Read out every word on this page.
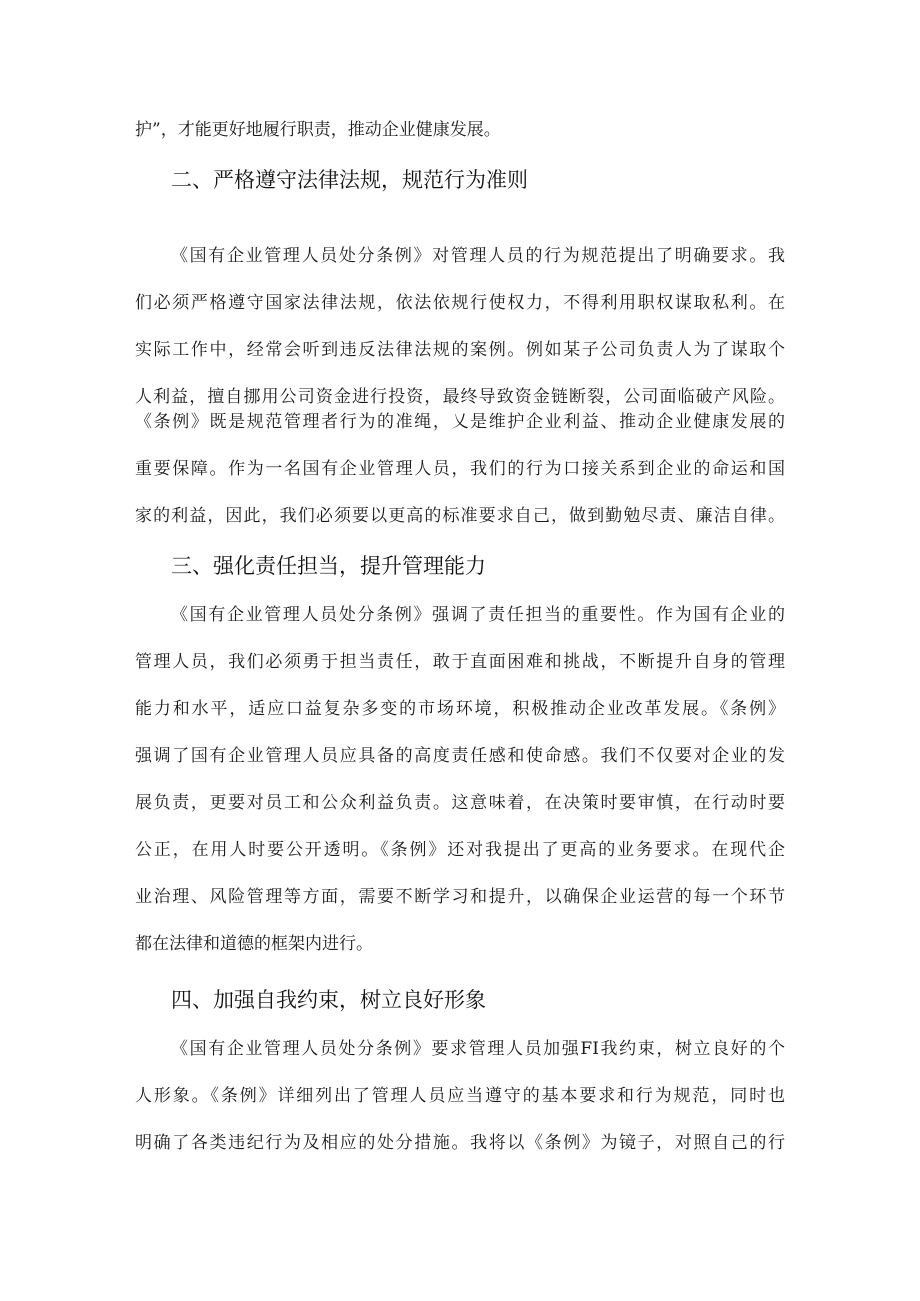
护”，才能更好地履行职责，推动企业健康发展。
二、严格遵守法律法规，规范行为准则
《国有企业管理人员处分条例》对管理人员的行为规范提出了明确要求。我
们必须严格遵守国家法律法规，依法依规行使权力，不得利用职权谋取私利。在
实际工作中，经常会听到违反法律法规的案例。例如某子公司负责人为了谋取个
人利益，擅自挪用公司资金进行投资，最终导致资金链断裂，公司面临破产风险。
《条例》既是规范管理者行为的准绳，乂是维护企业利益、推动企业健康发展的
重要保障。作为一名国有企业管理人员，我们的行为口接关系到企业的命运和国
家的利益，因此，我们必须要以更高的标准要求自己，做到勤勉尽责、廉洁自律。
三、强化责任担当，提升管理能力
《国有企业管理人员处分条例》强调了责任担当的重要性。作为国有企业的
管理人员，我们必须勇于担当责任，敢于直面困难和挑战，不断提升自身的管理
能力和水平，适应口益复杂多变的市场环境，积极推动企业改革发展。《条例》
强调了国有企业管理人员应具备的高度责任感和使命感。我们不仅要对企业的发
展负责，更要对员工和公众利益负责。这意味着，在决策时要审慎，在行动时要
公正，在用人时要公开透明。《条例》还对我提出了更高的业务要求。在现代企
业治理、风险管理等方面，需要不断学习和提升，以确保企业运营的每一个环节
都在法律和道德的框架内进行。
四、加强自我约束，树立良好形象
《国有企业管理人员处分条例》要求管理人员加强FI我约束，树立良好的个
人形象。《条例》详细列出了管理人员应当遵守的基本要求和行为规范，同时也
明确了各类违纪行为及相应的处分措施。我将以《条例》为镜子，对照自己的行
